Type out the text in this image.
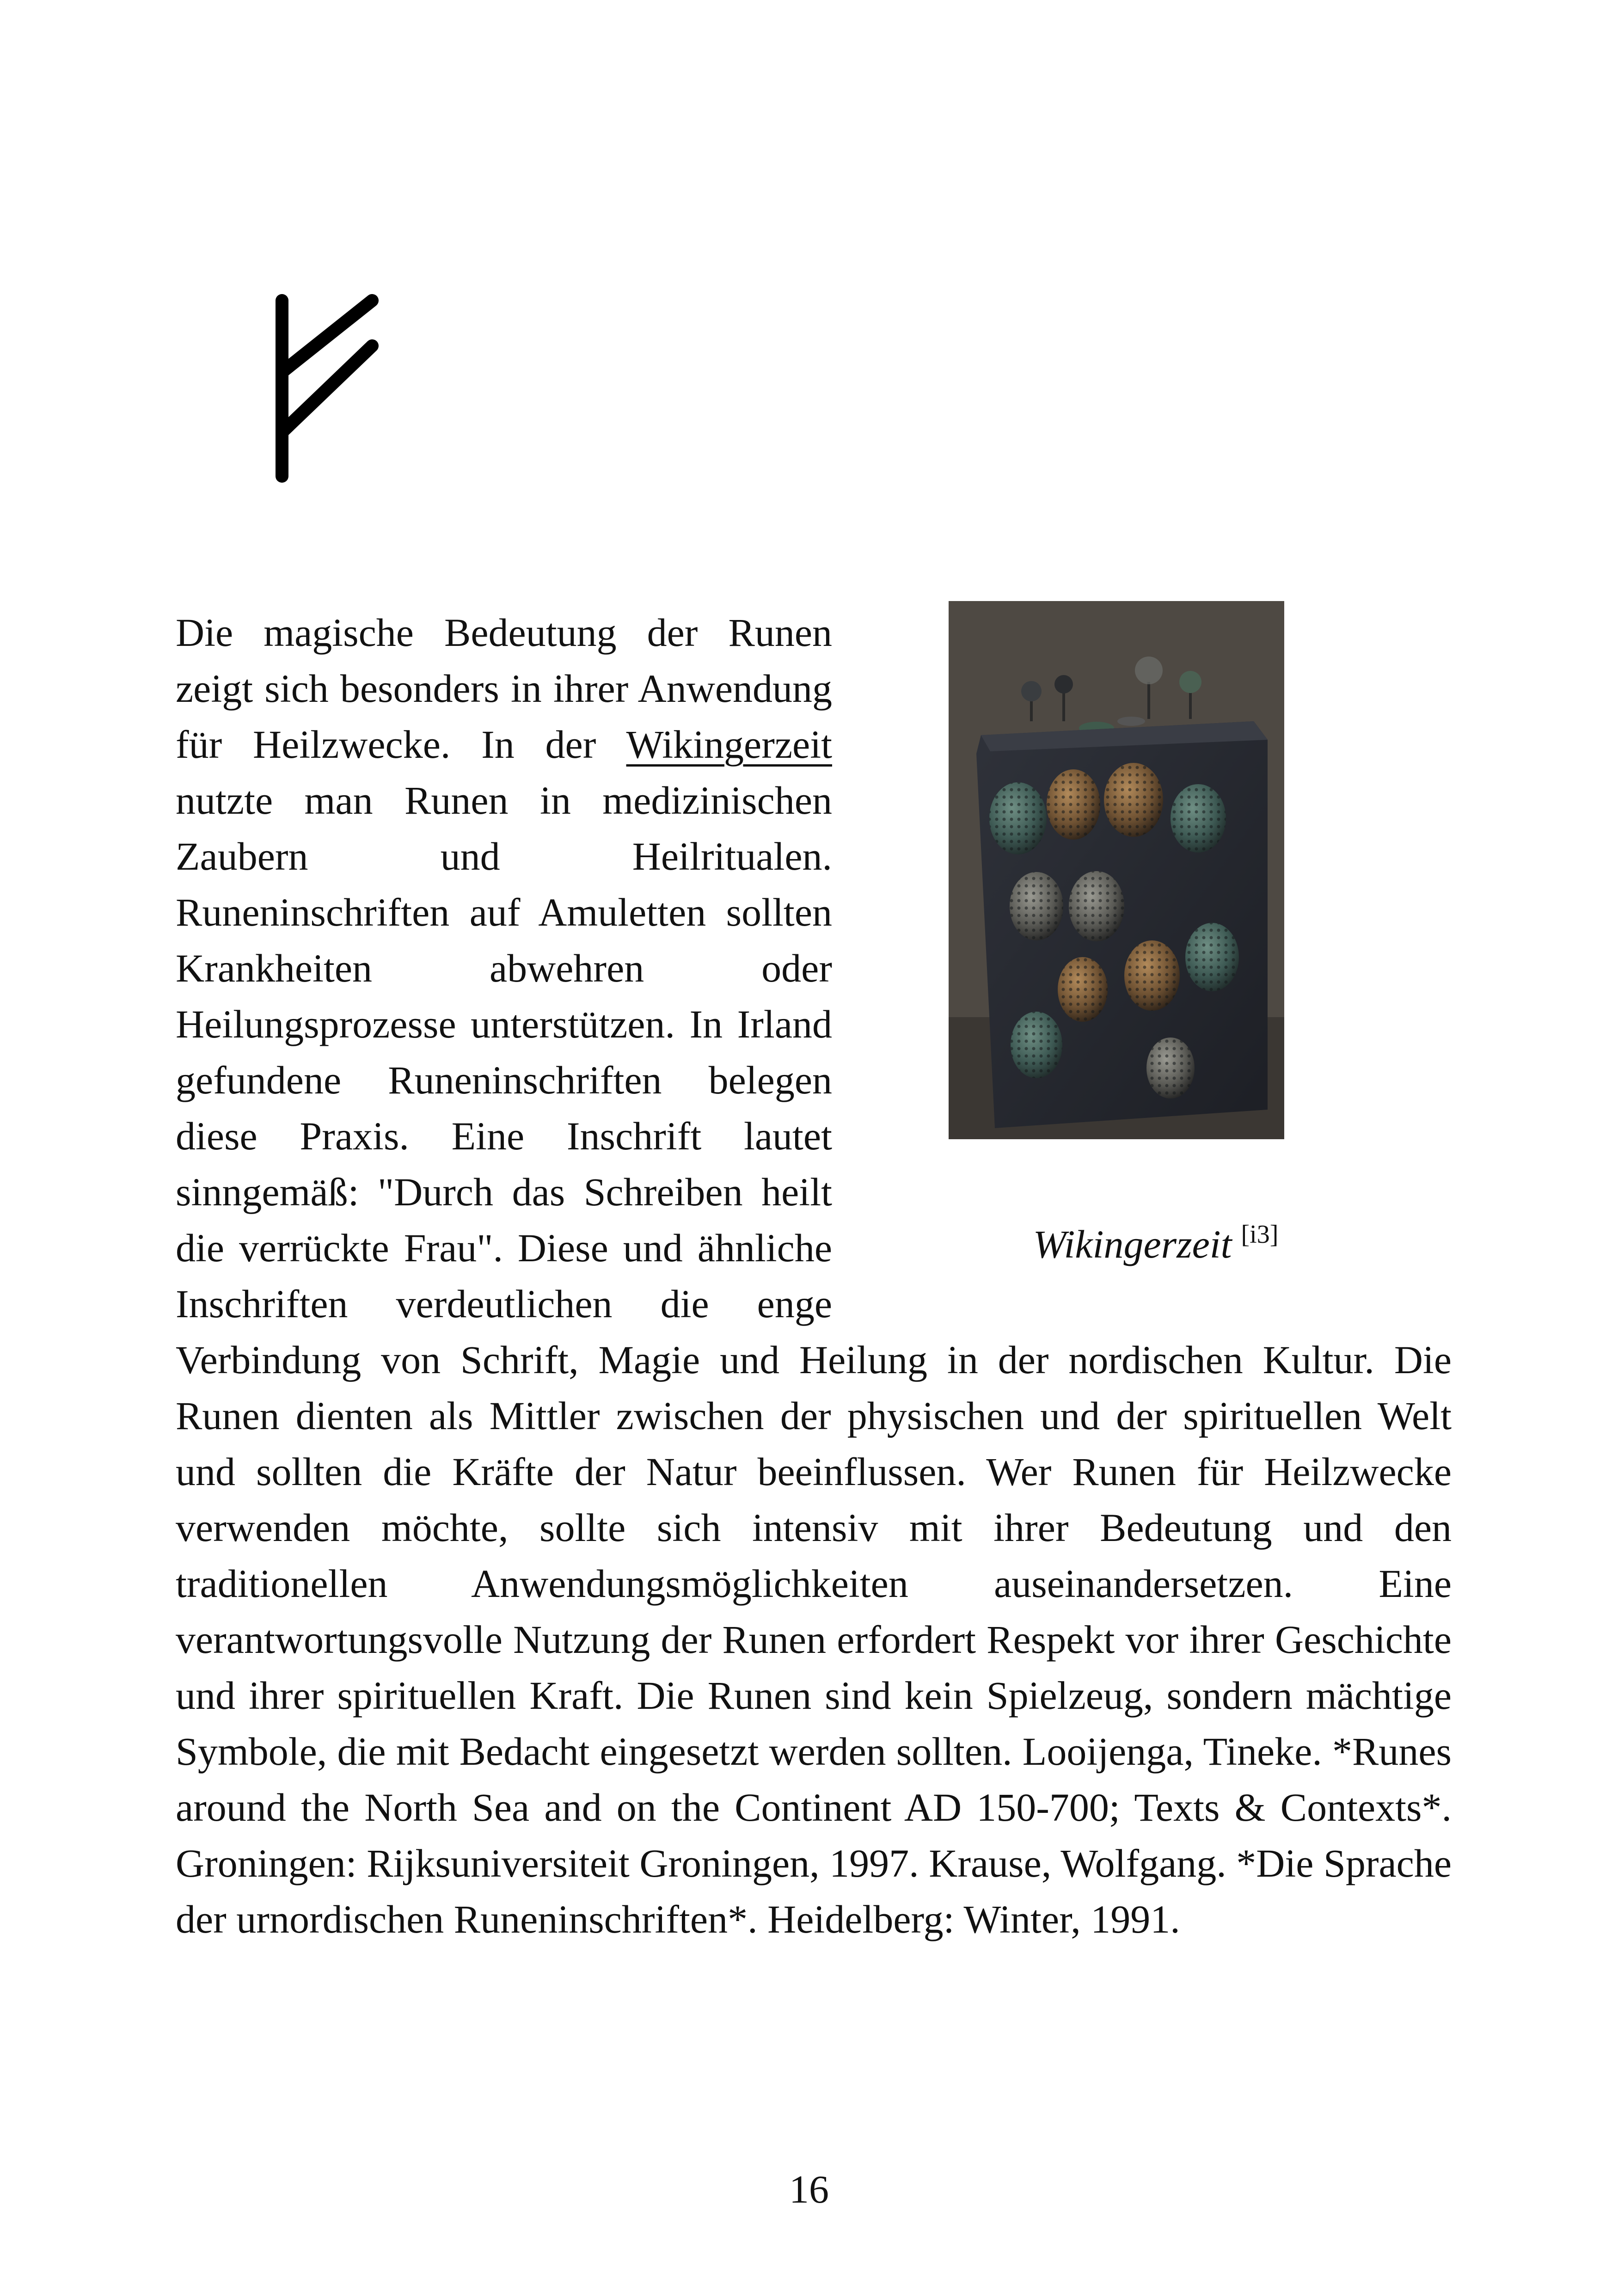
Wikingerzeit [i3]

Die magische Bedeutung der Runen zeigt sich besonders in ihrer Anwendung für Heilzwecke. In der Wikingerzeit nutzte man Runen in medizinischen Zaubern und Heilritualen. Runeninschriften auf Amuletten sollten Krankheiten abwehren oder Heilungsprozesse unterstützen. In Irland gefundene Runeninschriften belegen diese Praxis. Eine Inschrift lautet sinngemäß: "Durch das Schreiben heilt die verrückte Frau". Diese und ähnliche Inschriften verdeutlichen die enge Verbindung von Schrift, Magie und Heilung in der nordischen Kultur. Die Runen dienten als Mittler zwischen der physischen und der spirituellen Welt und sollten die Kräfte der Natur beeinflussen. Wer Runen für Heilzwecke verwenden möchte, sollte sich intensiv mit ihrer Bedeutung und den traditionellen Anwendungsmöglichkeiten auseinandersetzen. Eine verantwortungsvolle Nutzung der Runen erfordert Respekt vor ihrer Geschichte und ihrer spirituellen Kraft. Die Runen sind kein Spielzeug, sondern mächtige Symbole, die mit Bedacht eingesetzt werden sollten. Looijenga, Tineke. *Runes around the North Sea and on the Continent AD 150-700; Texts & Contexts*. Groningen: Rijksuniversiteit Groningen, 1997. Krause, Wolfgang. *Die Sprache der urnordischen Runeninschriften*. Heidelberg: Winter, 1991.

16
